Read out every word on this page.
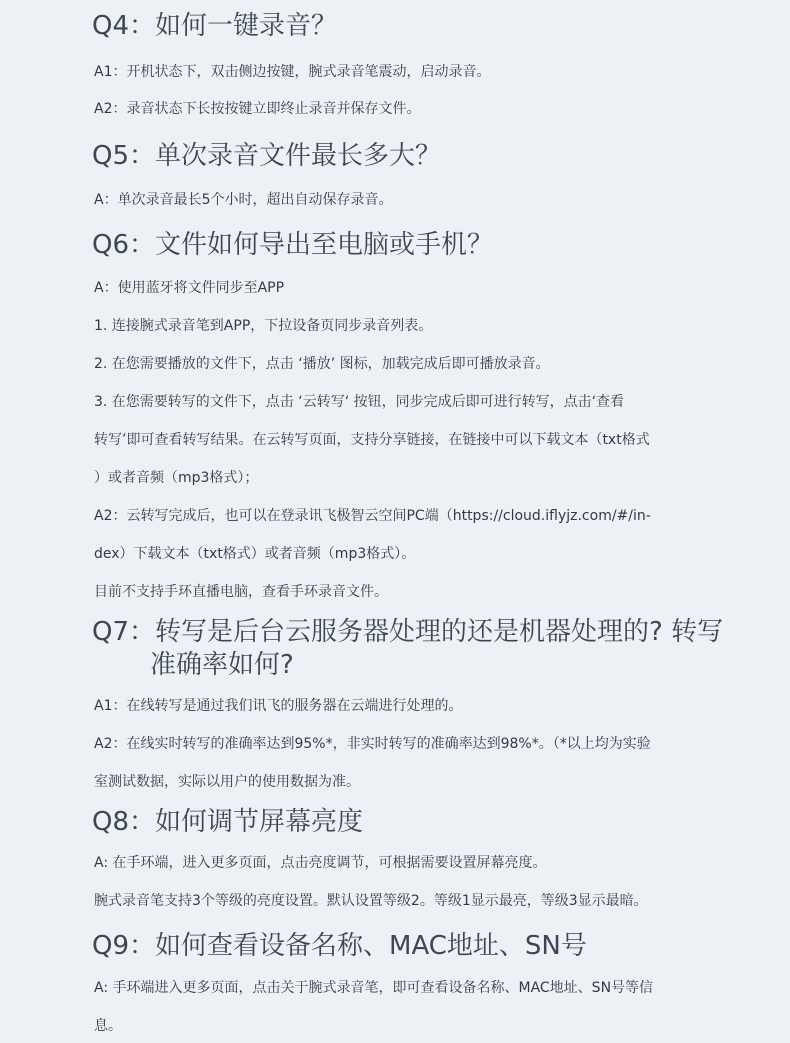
Q4：如何一键录音？

A1：开机状态下，双击侧边按键，腕式录音笔震动，启动录音。

A2：录音状态下长按按键立即终止录音并保存文件。

Q5：单次录音文件最长多大？

A：单次录音最长5个小时，超出自动保存录音。

Q6：文件如何导出至电脑或手机？

A：使用蓝牙将文件同步至APP

1. 连接腕式录音笔到APP，下拉设备页同步录音列表。

2. 在您需要播放的文件下，点击 ‘播放’ 图标，加载完成后即可播放录音。

3. 在您需要转写的文件下，点击 ‘云转写‘ 按钮，同步完成后即可进行转写，点击‘查看

转写’即可查看转写结果。在云转写页面，支持分享链接，在链接中可以下载文本（txt格式

）或者音频（mp3格式）；

A2：云转写完成后，也可以在登录讯飞极智云空间PC端（https://cloud.iflyjz.com/#/in-

dex）下载文本（txt格式）或者音频（mp3格式）。

目前不支持手环直播电脑，查看手环录音文件。

Q7：转写是后台云服务器处理的还是机器处理的? 转写
准确率如何?

A1：在线转写是通过我们讯飞的服务器在云端进行处理的。

A2：在线实时转写的准确率达到95%*，非实时转写的准确率达到98%*。（*以上均为实验

室测试数据，实际以用户的使用数据为准。

Q8：如何调节屏幕亮度

A: 在手环端，进入更多页面，点击亮度调节，可根据需要设置屏幕亮度。

腕式录音笔支持3个等级的亮度设置。默认设置等级2。等级1显示最亮，等级3显示最暗。

Q9：如何查看设备名称、MAC地址、SN号

A: 手环端进入更多页面，点击关于腕式录音笔，即可查看设备名称、MAC地址、SN号等信

息。
